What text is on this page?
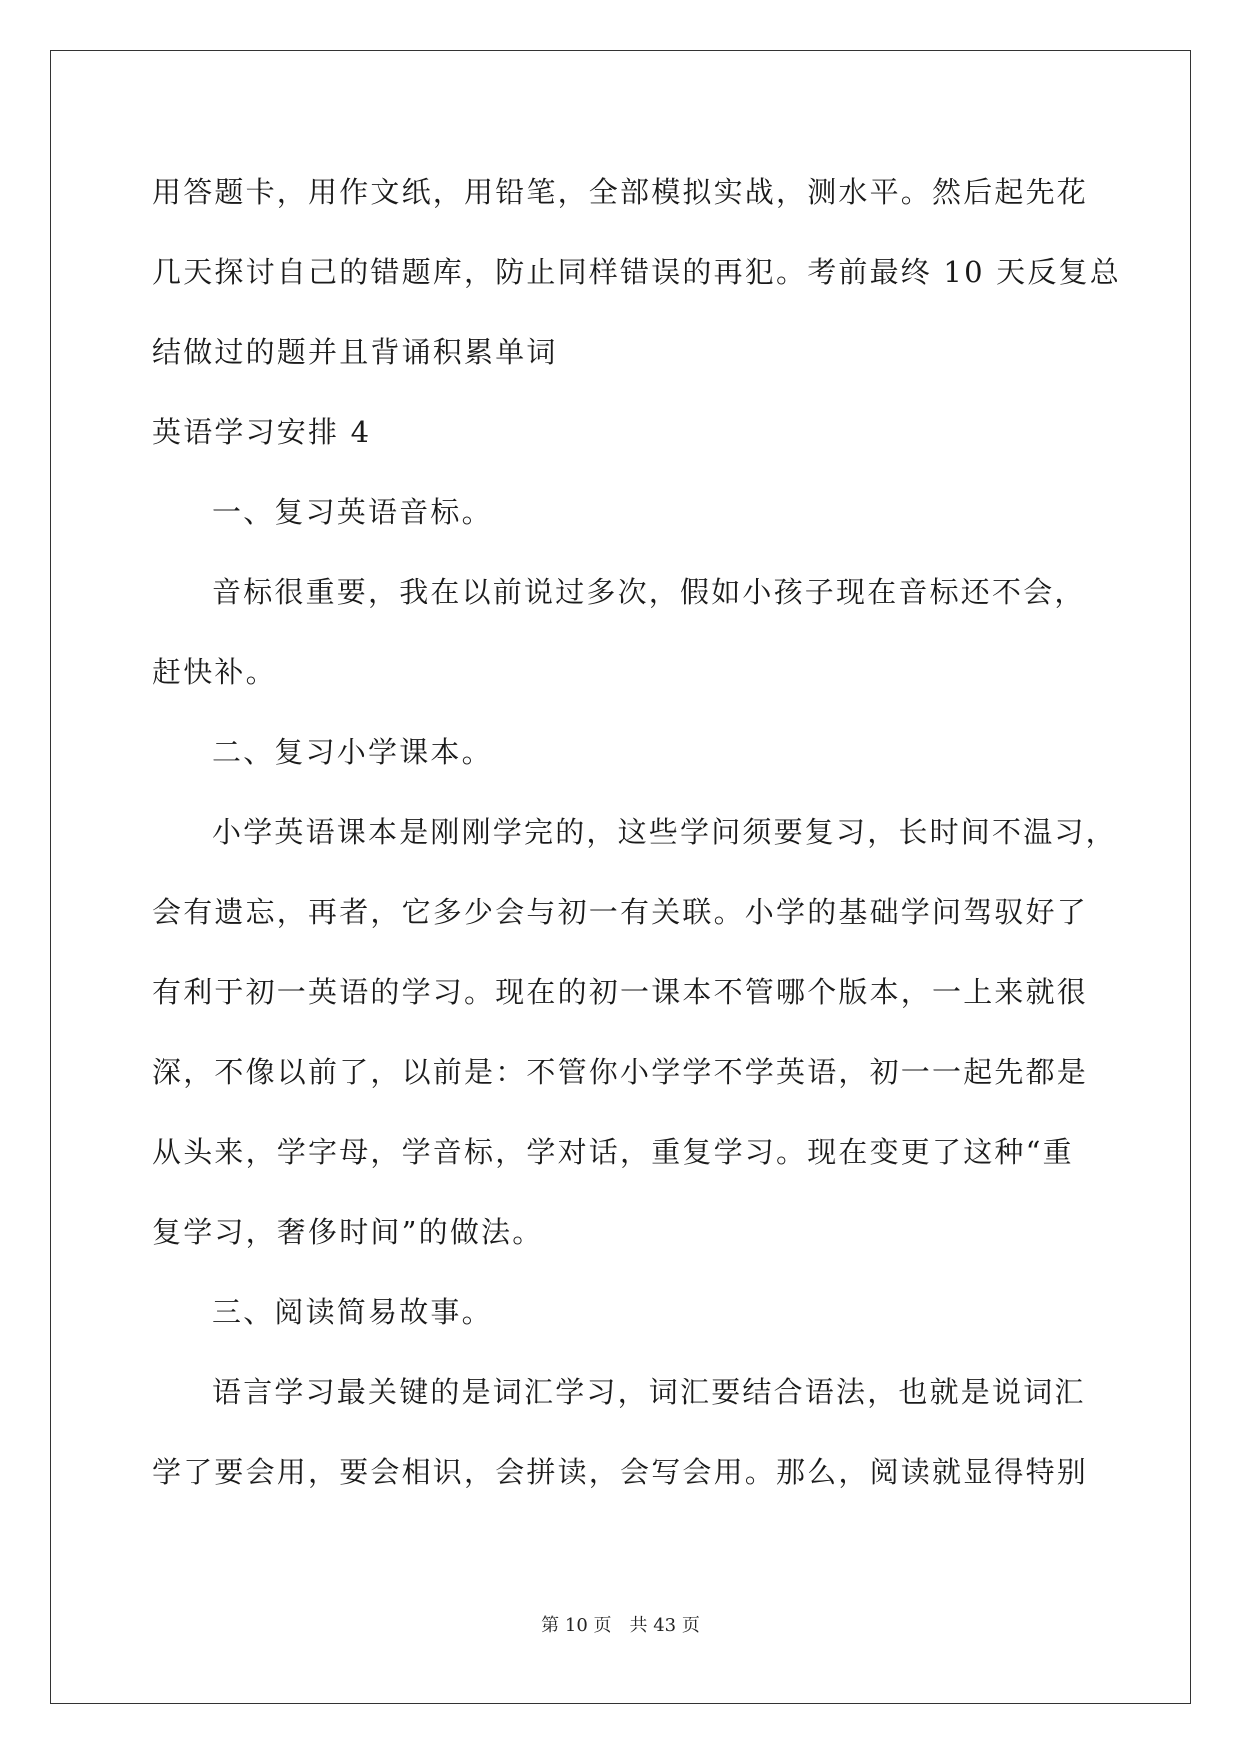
用答题卡，用作文纸，用铅笔，全部模拟实战，测水平。然后起先花
几天探讨自己的错题库，防止同样错误的再犯。考前最终 10 天反复总
结做过的题并且背诵积累单词
英语学习安排 4
一、复习英语音标。
音标很重要，我在以前说过多次，假如小孩子现在音标还不会，
赶快补。
二、复习小学课本。
小学英语课本是刚刚学完的，这些学问须要复习，长时间不温习，
会有遗忘，再者，它多少会与初一有关联。小学的基础学问驾驭好了
有利于初一英语的学习。现在的初一课本不管哪个版本，一上来就很
深，不像以前了，以前是：不管你小学学不学英语，初一一起先都是
从头来，学字母，学音标，学对话，重复学习。现在变更了这种“重
复学习，奢侈时间”的做法。
三、阅读简易故事。
语言学习最关键的是词汇学习，词汇要结合语法，也就是说词汇
学了要会用，要会相识，会拼读，会写会用。那么，阅读就显得特别
第 10 页 共 43 页
